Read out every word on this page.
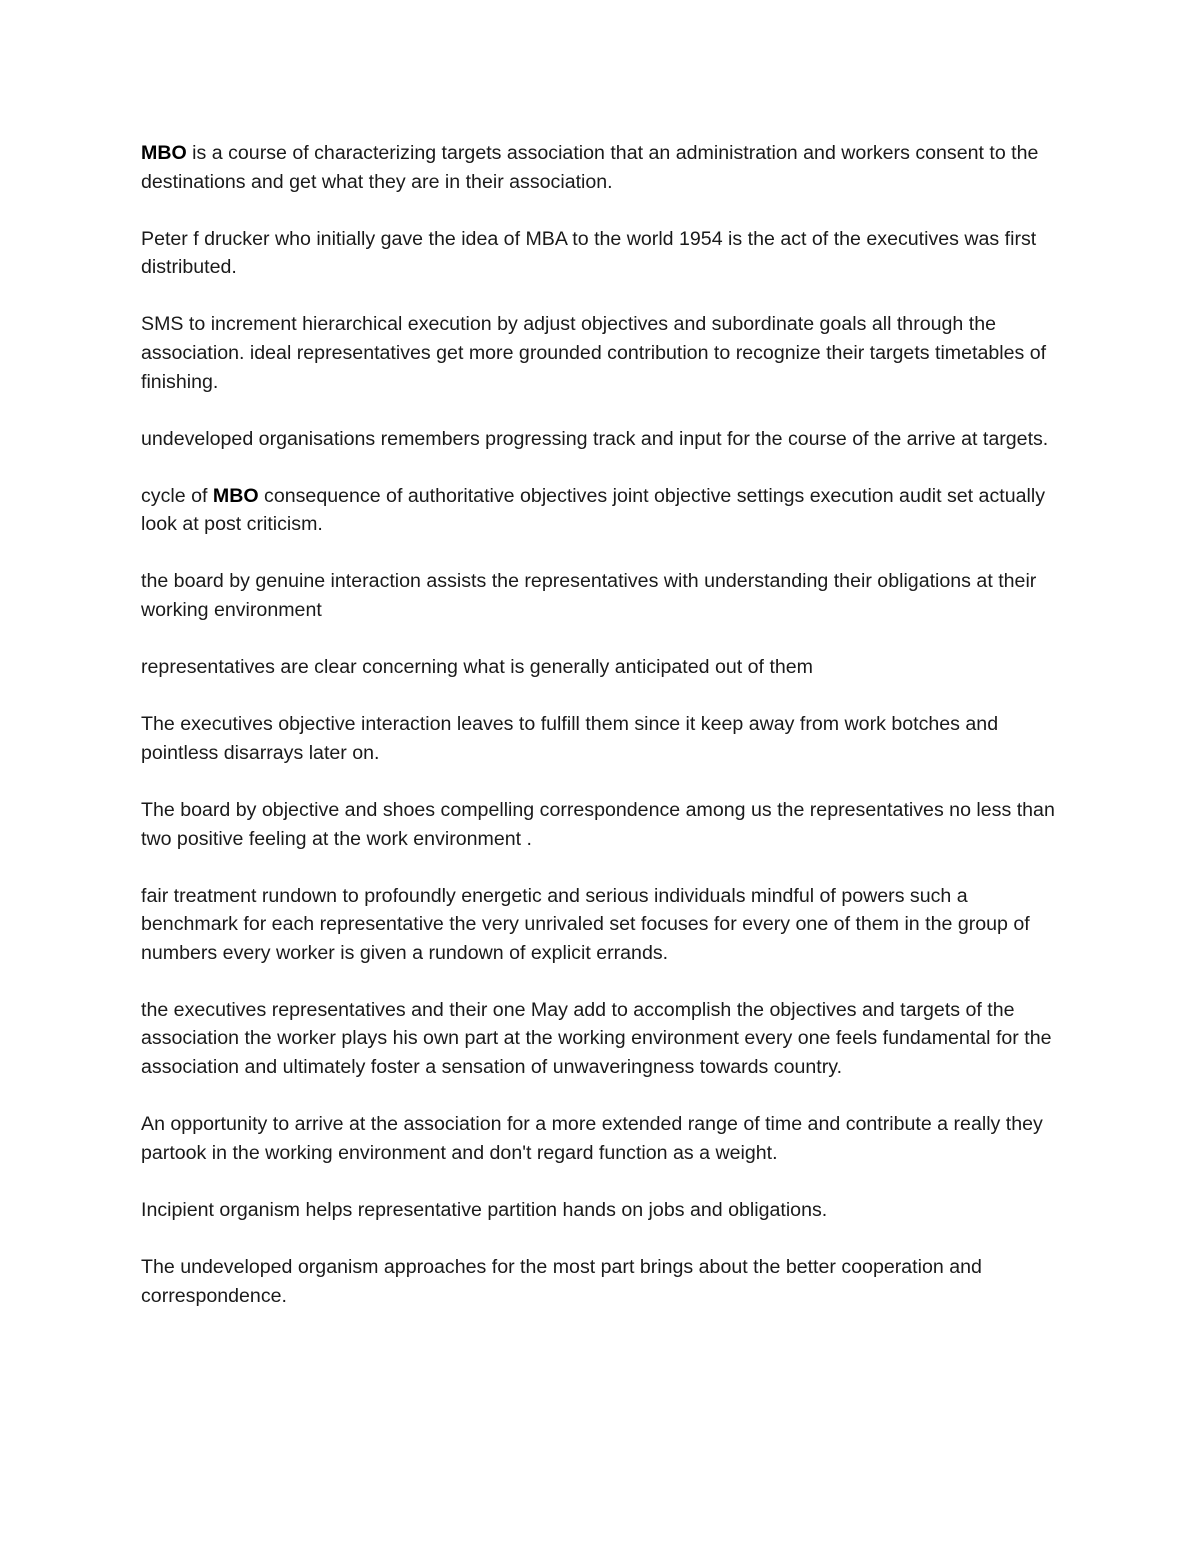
MBO is a course of characterizing targets association that an administration and workers consent to the destinations and get what they are in their association.

Peter f drucker who initially gave the idea of MBA to the world 1954 is the act of the executives was first distributed.

SMS to increment hierarchical execution by adjust objectives and subordinate goals all through the association. ideal representatives get more grounded contribution to recognize their targets timetables of finishing.

undeveloped organisations remembers progressing track and input for the course of the arrive at targets.

cycle of MBO consequence of authoritative objectives joint objective settings execution audit set actually look at post criticism.

the board by genuine interaction assists the representatives with understanding their obligations at their working environment

representatives are clear concerning what is generally anticipated out of them

The executives objective interaction leaves to fulfill them since it keep away from work botches and pointless disarrays later on.

The board by objective and shoes compelling correspondence among us the representatives no less than two positive feeling at the work environment .

fair treatment rundown to profoundly energetic and serious individuals mindful of powers such a benchmark for each representative the very unrivaled set focuses for every one of them in the group of numbers every worker is given a rundown of explicit errands.

the executives representatives and their one May add to accomplish the objectives and targets of the association the worker plays his own part at the working environment every one feels fundamental for the association and ultimately foster a sensation of unwaveringness towards country.

An opportunity to arrive at the association for a more extended range of time and contribute a really they partook in the working environment and don't regard function as a weight.

Incipient organism helps representative partition hands on jobs and obligations.

The undeveloped organism approaches for the most part brings about the better cooperation and correspondence.
